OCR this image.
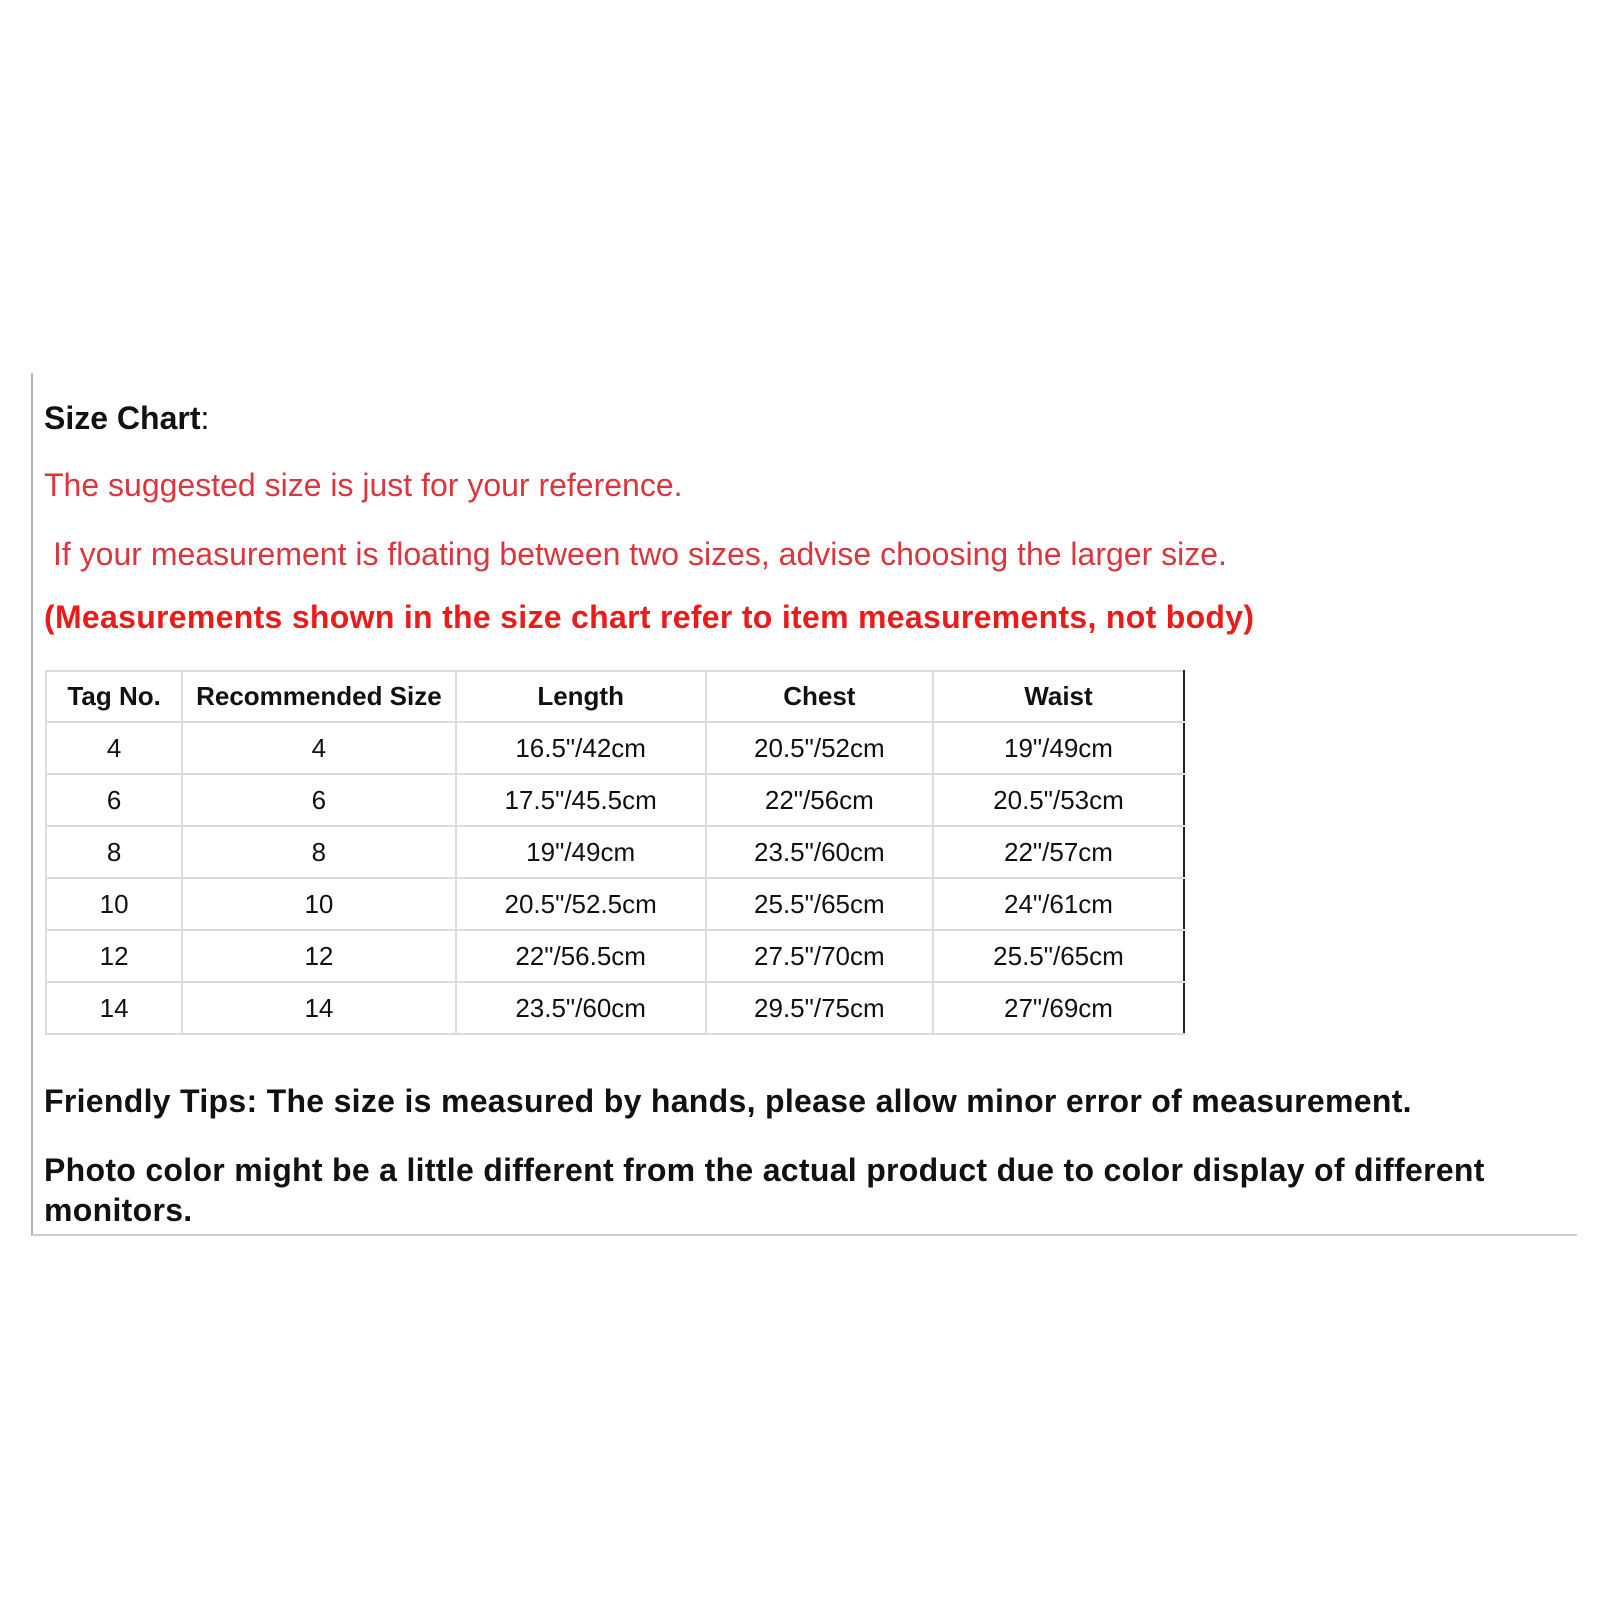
Size Chart:

The suggested size is just for your reference.

If your measurement is floating between two sizes, advise choosing the larger size.

(Measurements shown in the size chart refer to item measurements, not body)

Tag No.	Recommended Size	Length	Chest	Waist
4	4	16.5"/42cm	20.5"/52cm	19"/49cm
6	6	17.5"/45.5cm	22"/56cm	20.5"/53cm
8	8	19"/49cm	23.5"/60cm	22"/57cm
10	10	20.5"/52.5cm	25.5"/65cm	24"/61cm
12	12	22"/56.5cm	27.5"/70cm	25.5"/65cm
14	14	23.5"/60cm	29.5"/75cm	27"/69cm

Friendly Tips: The size is measured by hands, please allow minor error of measurement.

Photo color might be a little different from the actual product due to color display of different monitors.
